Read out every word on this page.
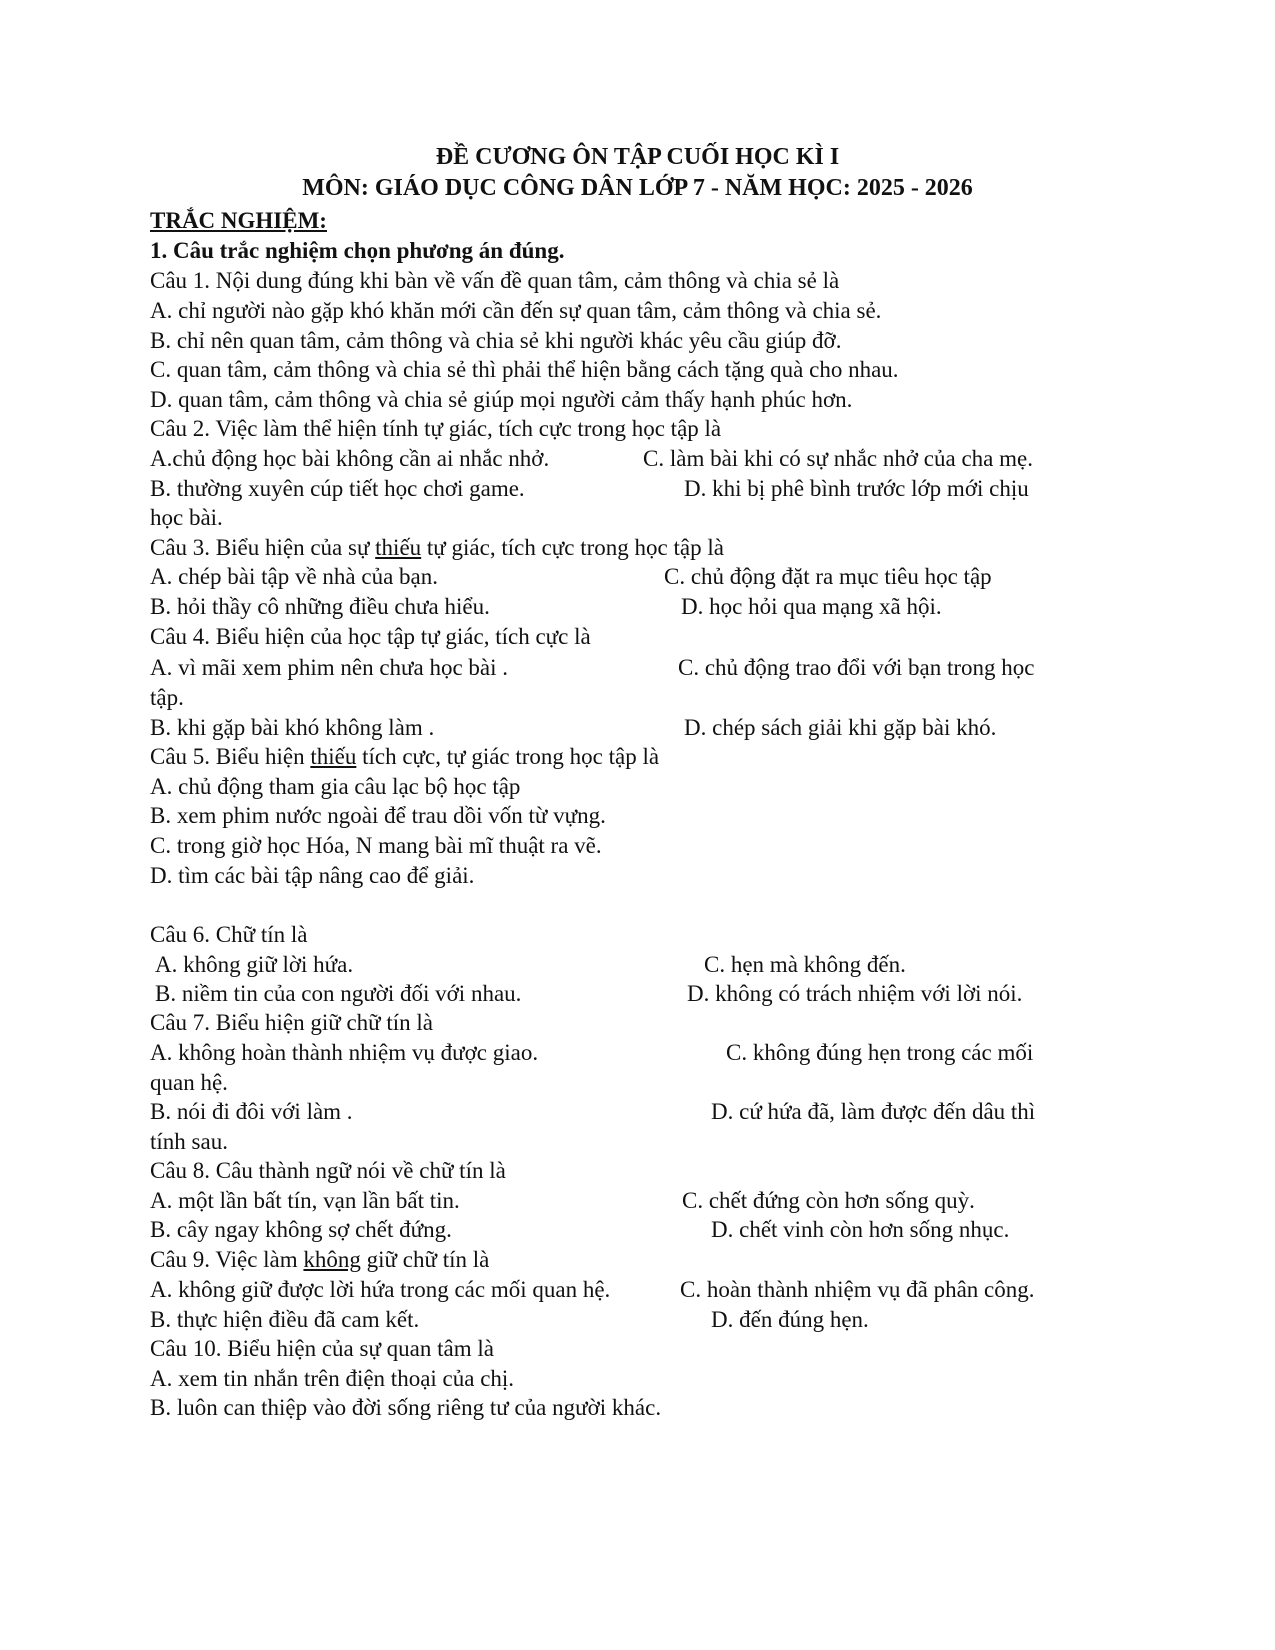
ĐỀ CƯƠNG ÔN TẬP CUỐI HỌC KÌ I
MÔN: GIÁO DỤC CÔNG DÂN LỚP 7 - NĂM HỌC: 2025 - 2026
TRẮC NGHIỆM:
1. Câu trắc nghiệm chọn phương án đúng.
Câu 1. Nội dung đúng khi bàn về vấn đề quan tâm, cảm thông và chia sẻ là
A. chỉ người nào gặp khó khăn mới cần đến sự quan tâm, cảm thông và chia sẻ.
B. chỉ nên quan tâm, cảm thông và chia sẻ khi người khác yêu cầu giúp đỡ.
C. quan tâm, cảm thông và chia sẻ thì phải thể hiện bằng cách tặng quà cho nhau.
D. quan tâm, cảm thông và chia sẻ giúp mọi người cảm thấy hạnh phúc hơn.
Câu 2. Việc làm thể hiện tính tự giác, tích cực trong học tập là
A.chủ động học bài không cần ai nhắc nhở.	C. làm bài khi có sự nhắc nhở của cha mẹ.
B. thường xuyên cúp tiết học chơi game.	D. khi bị phê bình trước lớp mới chịu
học bài.
Câu 3. Biểu hiện của sự thiếu tự giác, tích cực trong học tập là
A. chép bài tập về nhà của bạn.	C. chủ động đặt ra mục tiêu học tập
B. hỏi thầy cô những điều chưa hiểu.	D. học hỏi qua mạng xã hội.
Câu 4. Biểu hiện của học tập tự giác, tích cực là
A. vì mãi xem phim nên chưa học bài .	C. chủ động trao đổi với bạn trong học
tập.
B. khi gặp bài khó không làm .	D. chép sách giải khi gặp bài khó.
Câu 5. Biểu hiện thiếu tích cực, tự giác trong học tập là
A. chủ động tham gia câu lạc bộ học tập
B. xem phim nước ngoài để trau dồi vốn từ vựng.
C. trong giờ học Hóa, N mang bài mĩ thuật ra vẽ.
D. tìm các bài tập nâng cao để giải.
Câu 6. Chữ tín là
A. không giữ lời hứa.	C. hẹn mà không đến.
B. niềm tin của con người đối với nhau.	D. không có trách nhiệm với lời nói.
Câu 7. Biểu hiện giữ chữ tín là
A. không hoàn thành nhiệm vụ được giao.	C. không đúng hẹn trong các mối
quan hệ.
B. nói đi đôi với làm .	D. cứ hứa đã, làm được đến dâu thì
tính sau.
Câu 8. Câu thành ngữ nói về chữ tín là
A. một lần bất tín, vạn lần bất tin.	C. chết đứng còn hơn sống quỳ.
B. cây ngay không sợ chết đứng.	D. chết vinh còn hơn sống nhục.
Câu 9. Việc làm không giữ chữ tín là
A. không giữ được lời hứa trong các mối quan hệ.	C. hoàn thành nhiệm vụ đã phân công.
B. thực hiện điều đã cam kết.	D. đến đúng hẹn.
Câu 10. Biểu hiện của sự quan tâm là
A. xem tin nhắn trên điện thoại của chị.
B. luôn can thiệp vào đời sống riêng tư của người khác.
